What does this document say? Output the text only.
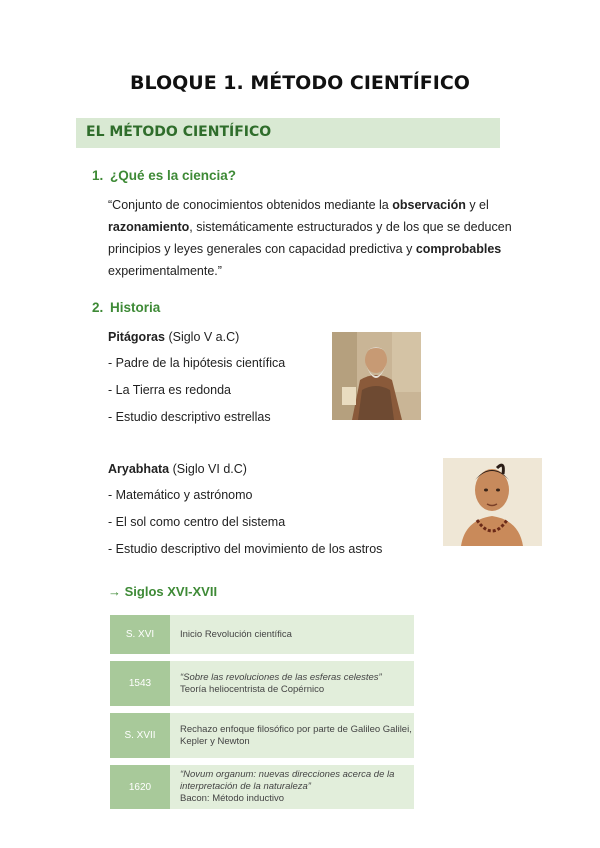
BLOQUE 1. MÉTODO CIENTÍFICO
EL MÉTODO CIENTÍFICO
1. ¿Qué es la ciencia?
“Conjunto de conocimientos obtenidos mediante la observación y el razonamiento, sistemáticamente estructurados y de los que se deducen principios y leyes generales con capacidad predictiva y comprobables experimentalmente.”
2. Historia
Pitágoras (Siglo V a.C)
- Padre de la hipótesis científica
- La Tierra es redonda
- Estudio descriptivo estrellas
Aryabhata (Siglo VI d.C)
- Matemático y astrónomo
- El sol como centro del sistema
- Estudio descriptivo del movimiento de los astros
→ Siglos XVI-XVII
S. XVI	Inicio Revolución científica
1543
“Sobre las revoluciones de las esferas celestes”
Teoría heliocentrista de Copérnico
S. XVII
Rechazo enfoque filosófico por parte de Galileo Galilei, Kepler y Newton
1620
“Novum organum: nuevas direcciones acerca de la interpretación de la naturaleza”
Bacon: Método inductivo
